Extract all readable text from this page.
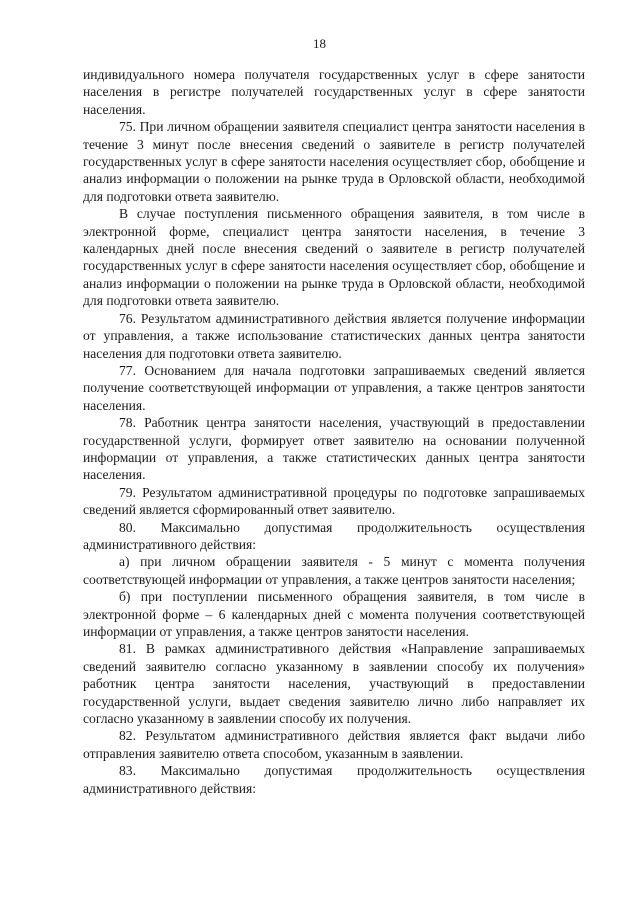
18

индивидуального номера получателя государственных услуг в сфере занятости населения в регистре получателей государственных услуг в сфере занятости населения.

75. При личном обращении заявителя специалист центра занятости населения в течение 3 минут после внесения сведений о заявителе в регистр получателей государственных услуг в сфере занятости населения осуществляет сбор, обобщение и анализ информации о положении на рынке труда в Орловской области, необходимой для подготовки ответа заявителю.

В случае поступления письменного обращения заявителя, в том числе в электронной форме, специалист центра занятости населения, в течение 3 календарных дней после внесения сведений о заявителе в регистр получателей государственных услуг в сфере занятости населения осуществляет сбор, обобщение и анализ информации о положении на рынке труда в Орловской области, необходимой для подготовки ответа заявителю.

76. Результатом административного действия является получение информации от управления, а также использование статистических данных центра занятости населения для подготовки ответа заявителю.

77. Основанием для начала подготовки запрашиваемых сведений является получение соответствующей информации от управления, а также центров занятости населения.

78. Работник центра занятости населения, участвующий в предоставлении государственной услуги, формирует ответ заявителю на основании полученной информации от управления, а также статистических данных центра занятости населения.

79. Результатом административной процедуры по подготовке запрашиваемых сведений является сформированный ответ заявителю.

80. Максимально допустимая продолжительность осуществления административного действия:

а) при личном обращении заявителя - 5 минут с момента получения соответствующей информации от управления, а также центров занятости населения;

б) при поступлении письменного обращения заявителя, в том числе в электронной форме – 6 календарных дней с момента получения соответствующей информации от управления, а также центров занятости населения.

81. В рамках административного действия «Направление запрашиваемых сведений заявителю согласно указанному в заявлении способу их получения» работник центра занятости населения, участвующий в предоставлении государственной услуги, выдает сведения заявителю лично либо направляет их согласно указанному в заявлении способу их получения.

82. Результатом административного действия является факт выдачи либо отправления заявителю ответа способом, указанным в заявлении.

83. Максимально допустимая продолжительность осуществления административного действия:
